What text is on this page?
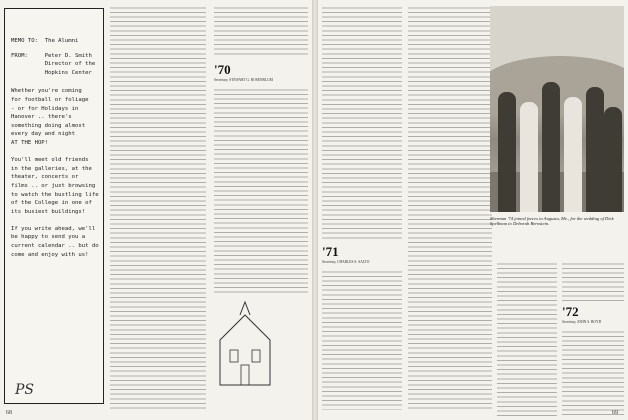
MEMO TO: The Alumni
FROM:	Peter D. Smith
Director of the
Hopkins Center

Whether you're coming
for football or foliage
- or for Holidays in
Hanover .. there's
something doing almost
every day and night
AT THE HOP!

You'll meet old friends
in the galleries, at the
theater, concerts or
films .. or just browsing
to watch the bustling life
of the College in one of
its busiest buildings!

If you write ahead, we'll
be happy to send you a
current calendar .. but do
come and enjoy with us!

PS
'70
Secretary, STEWART G. ROSENBLUM
68
'71
Secretary, CHARLES S. SALTO
Sherman '74 joined forces in Augusta, Me., for the wedding of Dick Spellman to Deborah Bernstein.
'72
Secretary, JOHN S. BOYD
69
